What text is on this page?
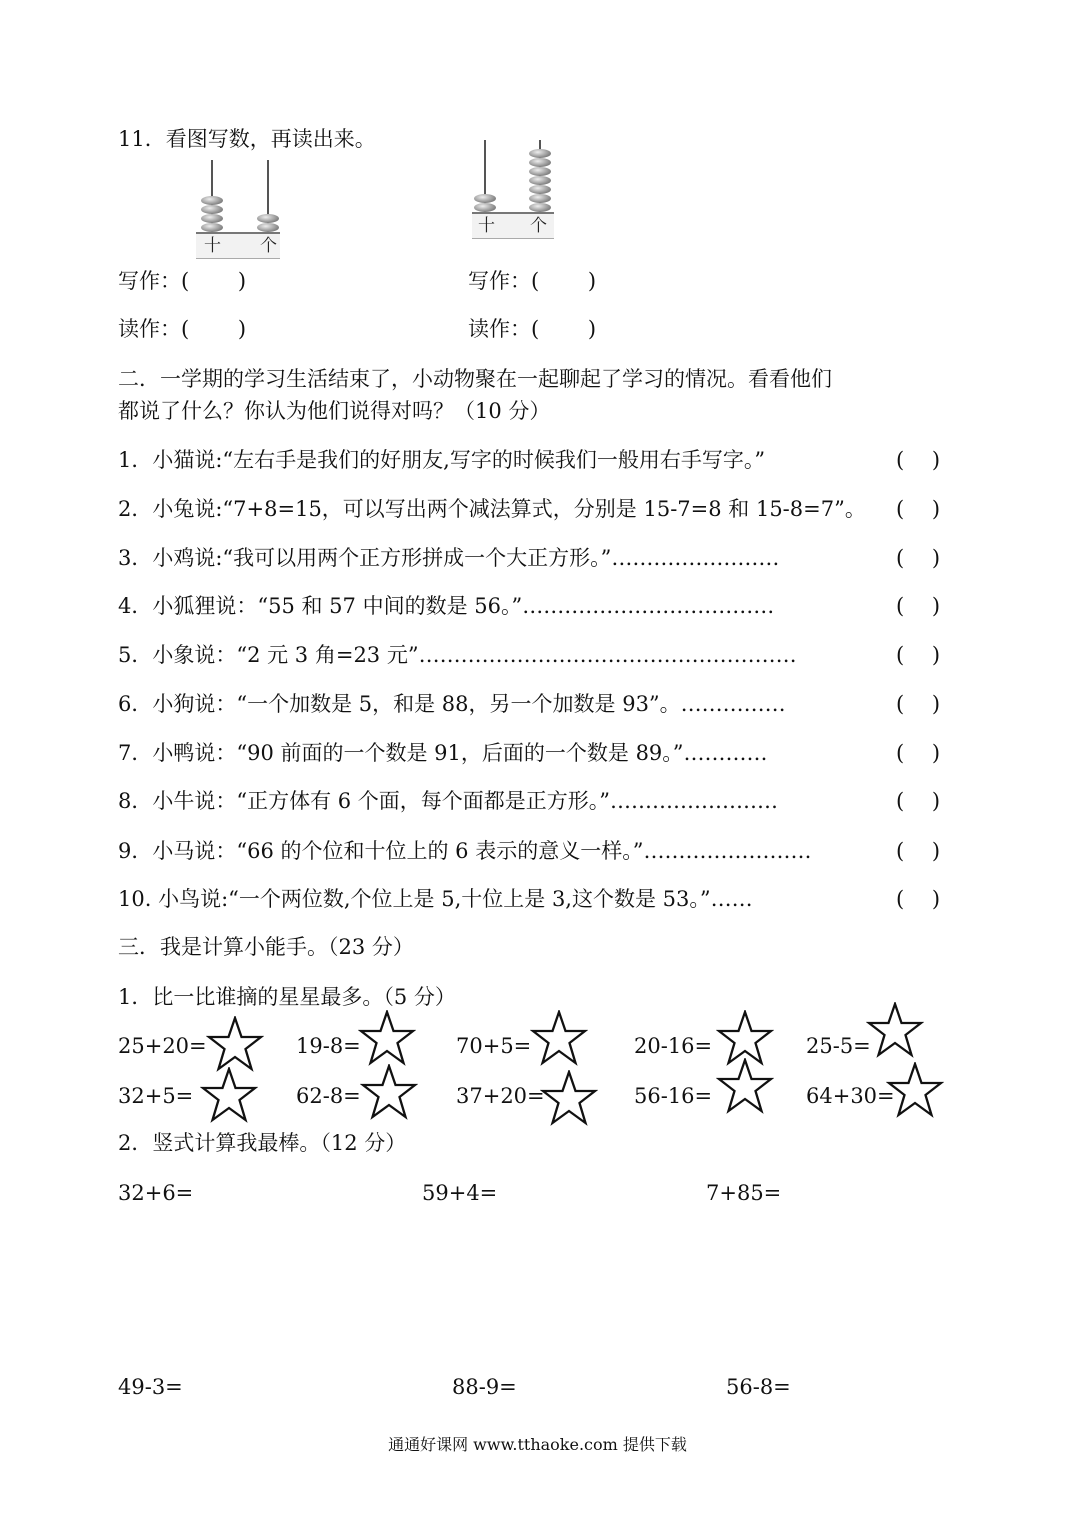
11．看图写数，再读出来。
十 个
十 个
写作：(　　 )	写作：(　　 )
读作：(　　 )	读作：(　　 )
二．一学期的学习生活结束了，小动物聚在一起聊起了学习的情况。看看他们
都说了什么？你认为他们说得对吗？（10 分）
1．小猫说:“左右手是我们的好朋友,写字的时候我们一般用右手写字。”	(　 )
2．小兔说:“7+8=15，可以写出两个减法算式，分别是 15-7=8 和 15-8=7”。 (　 )
3．小鸡说:“我可以用两个正方形拼成一个大正方形。”……………………	(　 )
4．小狐狸说：“55 和 57 中间的数是 56。”………………………………	(　 )
5．小象说：“2 元 3 角=23 元”………………………………………………	(　 )
6．小狗说：“一个加数是 5，和是 88，另一个加数是 93”。……………	(　 )
7．小鸭说：“90 前面的一个数是 91，后面的一个数是 89。”…………	(　 )
8．小牛说：“正方体有 6 个面，每个面都是正方形。”……………………	(　 )
9．小马说：“66 的个位和十位上的 6 表示的意义一样。”……………………	(　 )
10. 小鸟说:“一个两位数,个位上是 5,十位上是 3,这个数是 53。”……	(　 )
三．我是计算小能手。（23 分）
1．比一比谁摘的星星最多。（5 分）
25+20=	19-8=	70+5=	20-16=	25-5=
32+5=	62-8=	37+20=	56-16=	64+30=
2．竖式计算我最棒。（12 分）
32+6=	59+4=	7+85=
49-3=	88-9=	56-8=
通通好课网 www.tthaoke.com 提供下载
